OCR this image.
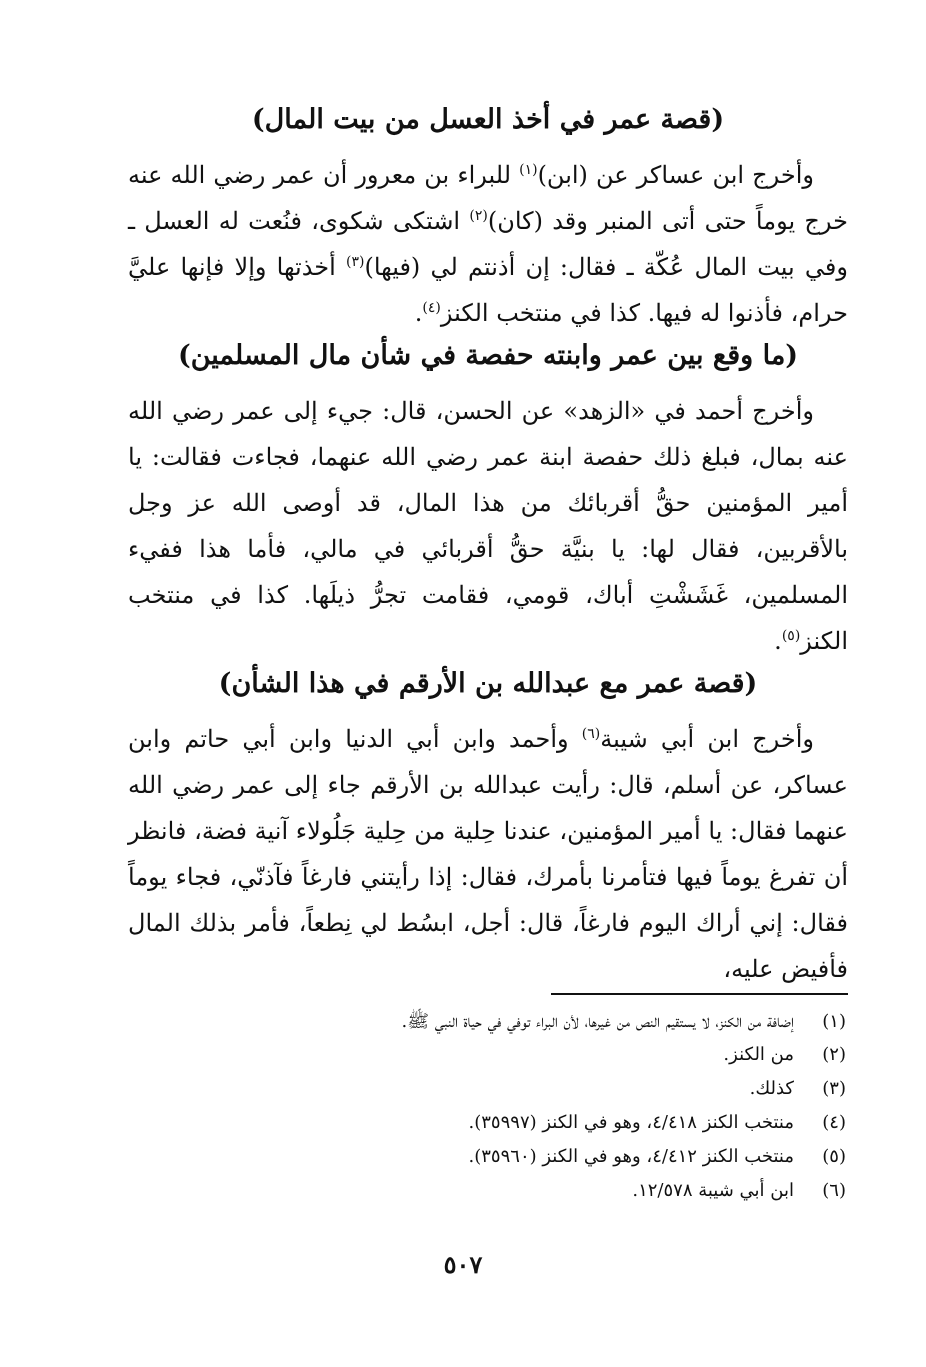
(قصة عمر في أخذ العسل من بيت المال)

وأخرج ابن عساكر عن (ابن)$^{(١)}$ للبراء بن معرور أن عمر رضي الله عنه خرج يوماً حتى أتى المنبر وقد (كان)$^{(٢)}$ اشتكى شكوى، فنُعت له العسل ـ وفي بيت المال عُكّة ـ فقال: إن أذنتم لي (فيها)$^{(٣)}$ أخذتها وإلا فإنها عليَّ حرام، فأذنوا له فيها. كذا في منتخب الكنز$^{(٤)}$.

(ما وقع بين عمر وابنته حفصة في شأن مال المسلمين)

وأخرج أحمد في «الزهد» عن الحسن، قال: جيء إلى عمر رضي الله عنه بمال، فبلغ ذلك حفصة ابنة عمر رضي الله عنهما، فجاءت فقالت: يا أمير المؤمنين حقُّ أقربائك من هذا المال، قد أوصى الله عز وجل بالأقربين، فقال لها: يا بنيَّة حقُّ أقربائي في مالي، فأما هذا ففيء المسلمين، غَشَشْتِ أباك، قومي، فقامت تجرُّ ذيلَها. كذا في منتخب الكنز$^{(٥)}$.

(قصة عمر مع عبدالله بن الأرقم في هذا الشأن)

وأخرج ابن أبي شيبة$^{(٦)}$ وأحمد وابن أبي الدنيا وابن أبي حاتم وابن عساكر، عن أسلم، قال: رأيت عبدالله بن الأرقم جاء إلى عمر رضي الله عنهما فقال: يا أمير المؤمنين، عندنا حِلية من حِلية جَلُولاء آنية فضة، فانظر أن تفرغ يوماً فيها فتأمرنا بأمرك، فقال: إذا رأيتني فارغاً فآذنّي، فجاء يوماً فقال: إني أراك اليوم فارغاً، قال: أجل، ابسُط لي نِطعاً، فأمر بذلك المال فأفيض عليه،

(١)
إضافة من الكنز، لا يستقيم النص من غيرها، لأن البراء توفي في حياة النبي ﷺ.
(٢)
من الكنز.
(٣)
كذلك.
(٤)
منتخب الكنز ٤/٤١٨، وهو في الكنز (٣٥٩٩٧).
(٥)
منتخب الكنز ٤/٤١٢، وهو في الكنز (٣٥٩٦٠).
(٦)
ابن أبي شيبة ١٢/٥٧٨.
٥٠٧
